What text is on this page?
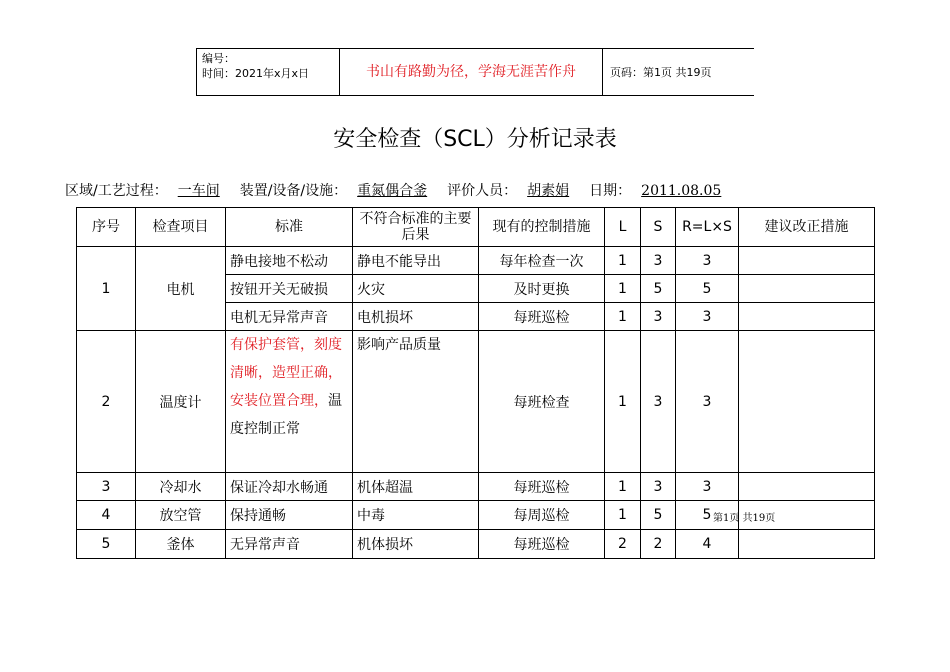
编号：
时间：2021年x月x日	书山有路勤为径，学海无涯苦作舟	页码：第1页 共19页
安全检查（SCL）分析记录表
区域/工艺过程： 一车间 装置/设备/设施： 重氮偶合釜 评价人员： 胡素娟 日期： 2011.08.05
序号	检查项目	标准	不符合标准的主要后果	现有的控制措施	L	S	R=L×S	建议改正措施
1	电机	静电接地不松动	静电不能导出	每年检查一次	1	3	3	
		按钮开关无破损	火灾	及时更换	1	5	5	
		电机无异常声音	电机损坏	每班巡检	1	3	3	
2	温度计	有保护套管，刻度清晰，造型正确，安装位置合理，温度控制正常	影响产品质量	每班检查	1	3	3	
3	冷却水	保证冷却水畅通	机体超温	每班巡检	1	3	3	
4	放空管	保持通畅	中毒	每周巡检	1	5	5	
5	釜体	无异常声音	机体损坏	每班巡检	2	2	4	
第1页 共19页
